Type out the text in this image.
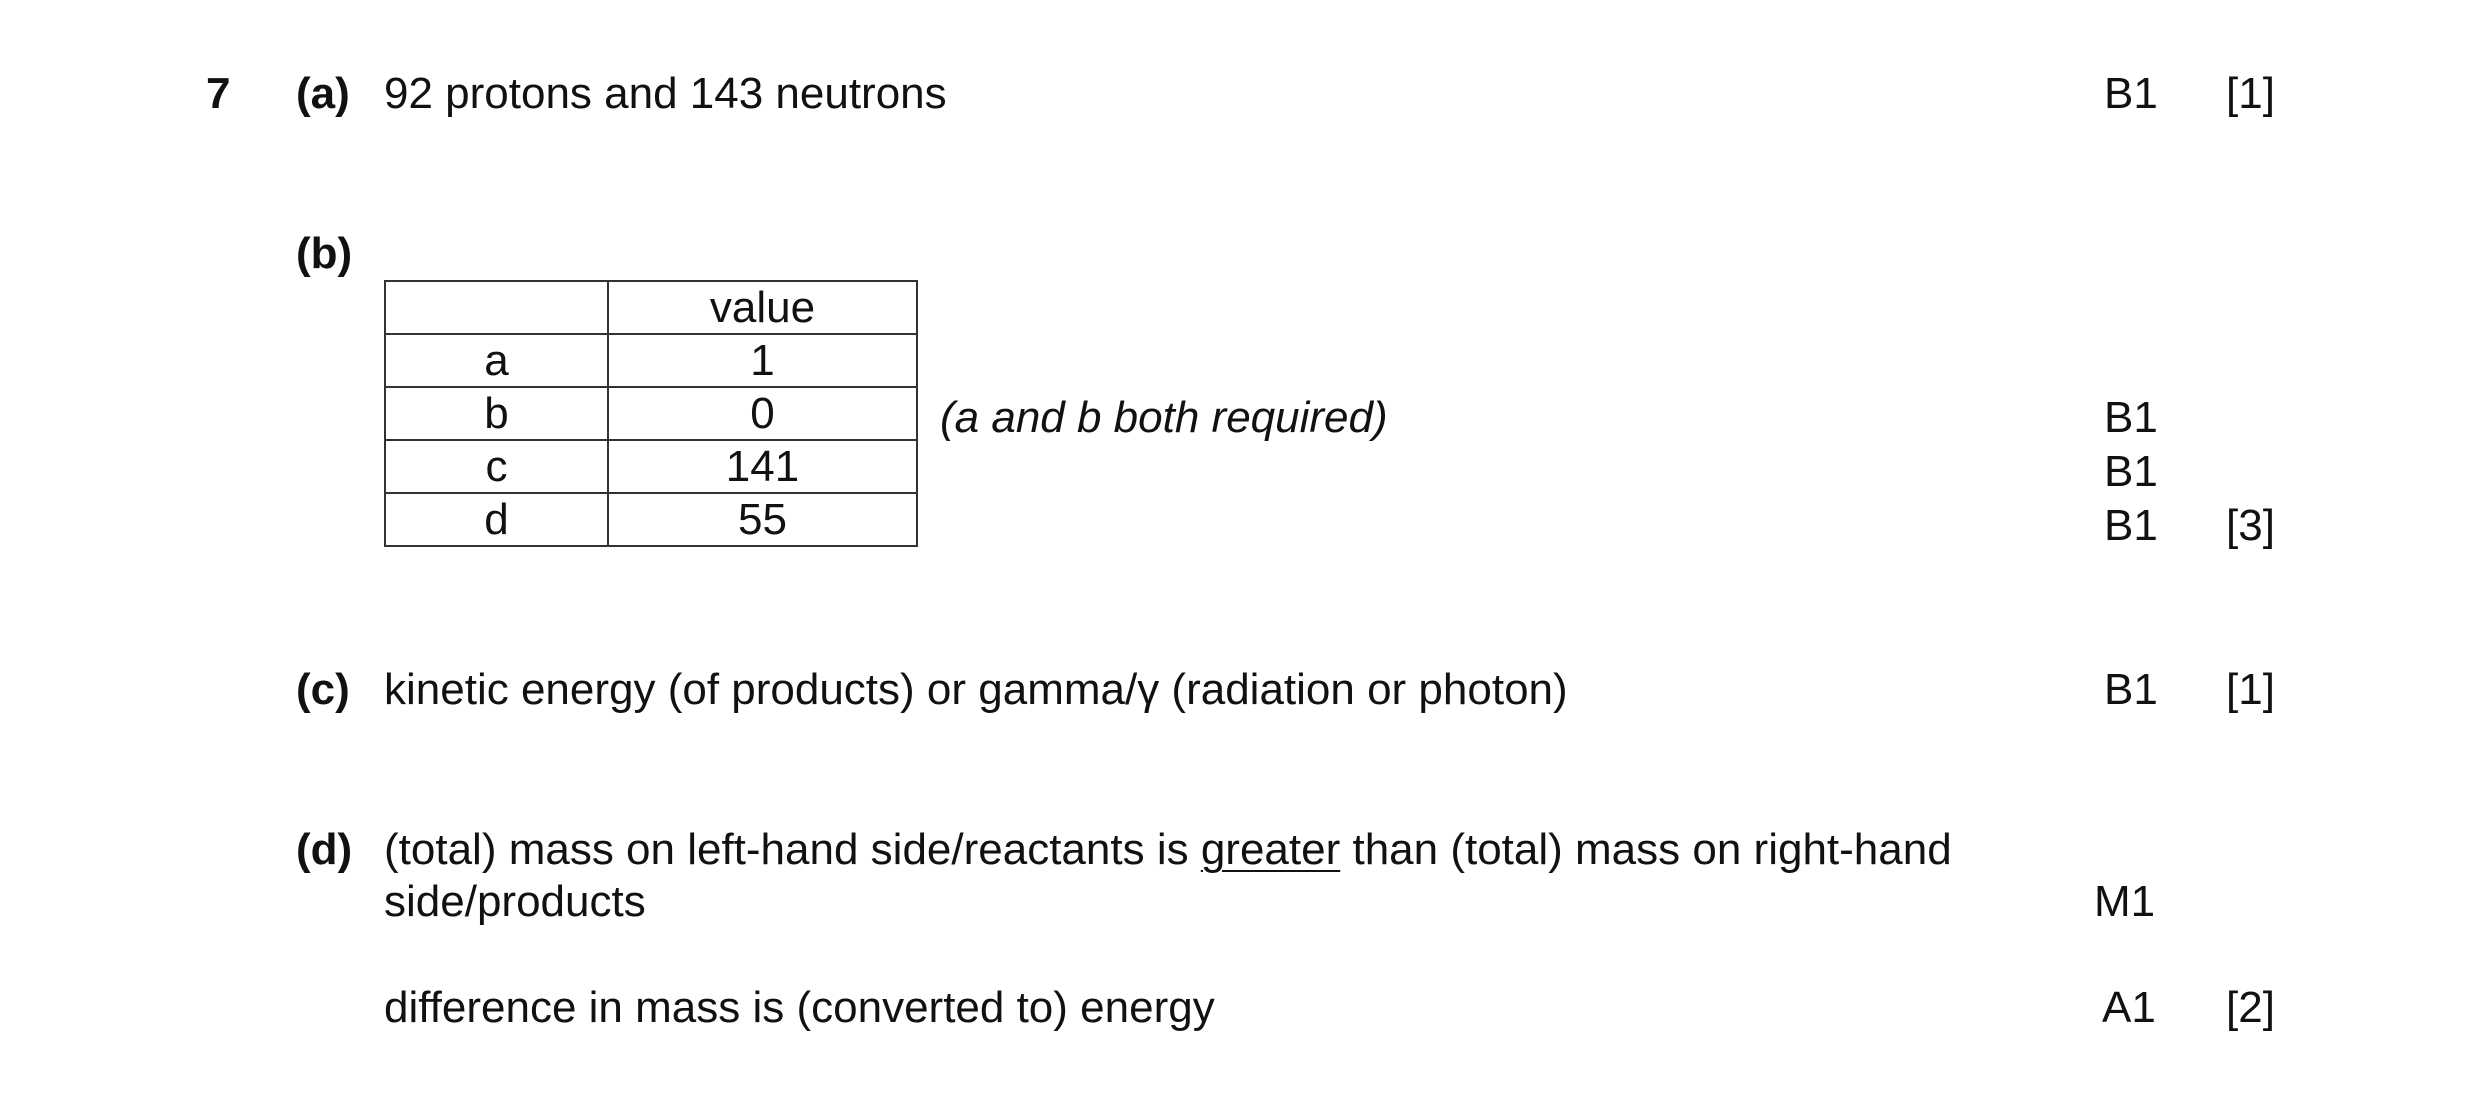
7 (a) 92 protons and 143 neutrons	B1 [1]
(b)
	value
a	1
b	0
c	141
d	55
(a and b both required)	B1
B1
B1 [3]
(c) kinetic energy (of products) or gamma/γ (radiation or photon)	B1 [1]
(d) (total) mass on left-hand side/reactants is greater than (total) mass on right-hand
side/products	M1
difference in mass is (converted to) energy	A1 [2]
